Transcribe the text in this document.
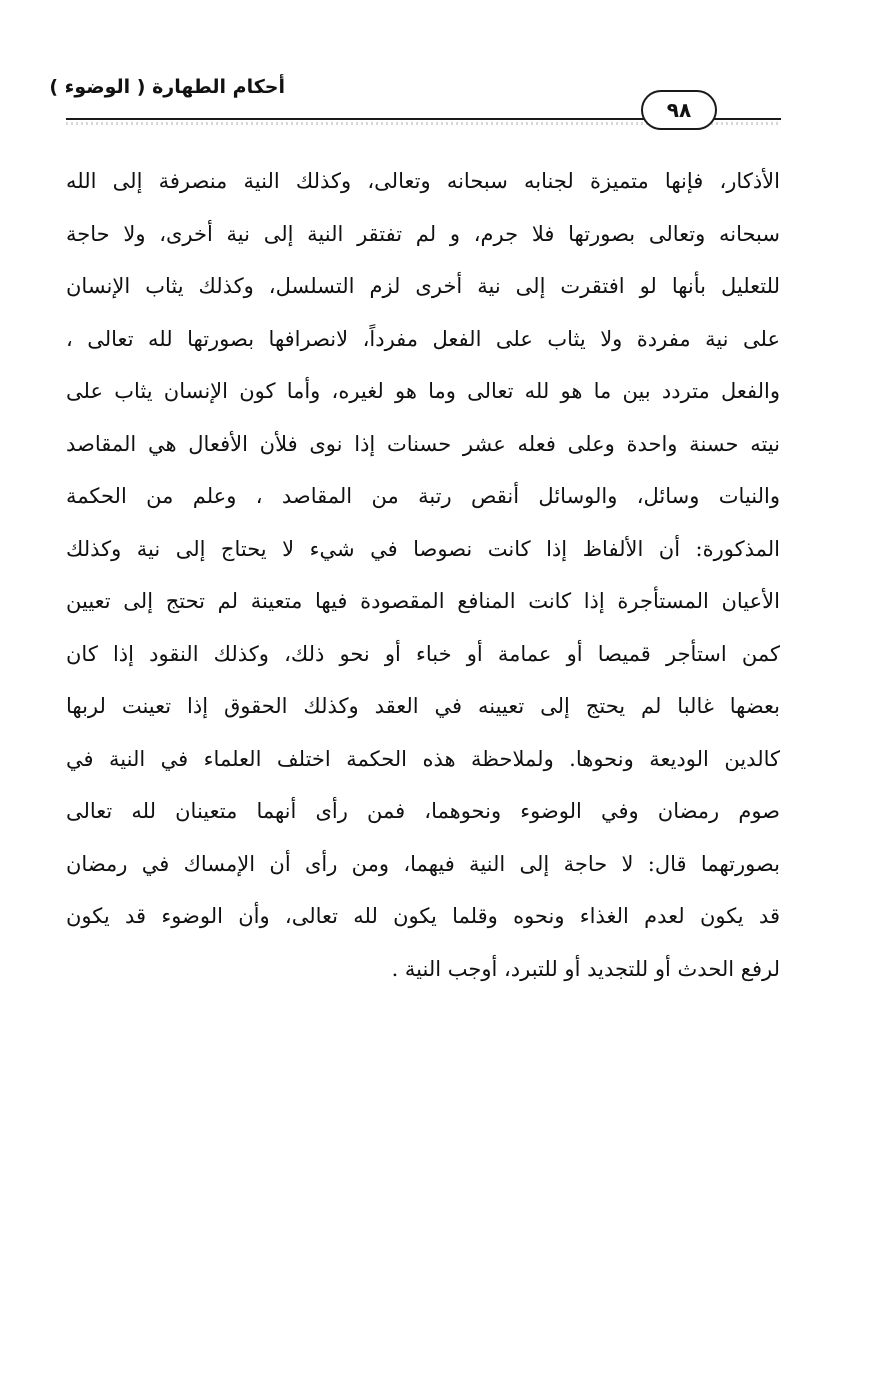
أحكام الطهارة ( الوضوء )
٩٨
الأذكار، فإنها متميزة لجنابه سبحانه وتعالى، وكذلك النية منصرفة إلى الله
سبحانه وتعالى بصورتها فلا جرم، و لم تفتقر النية إلى نية أخرى، ولا حاجة
للتعليل بأنها لو افتقرت إلى نية أخرى لزم التسلسل، وكذلك يثاب الإنسان
على نية مفردة ولا يثاب على الفعل مفرداً، لانصرافها بصورتها لله تعالى ،
والفعل متردد بين ما هو لله تعالى وما هو لغيره، وأما كون الإنسان يثاب على
نيته حسنة واحدة وعلى فعله عشر حسنات إذا نوى فلأن الأفعال هي المقاصد
والنيات وسائل، والوسائل أنقص رتبة من المقاصد ، وعلم من الحكمة
المذكورة: أن الألفاظ إذا كانت نصوصا في شيء لا يحتاج إلى نية وكذلك
الأعيان المستأجرة إذا كانت المنافع المقصودة فيها متعينة لم تحتج إلى تعيين
كمن استأجر قميصا أو عمامة أو خباء أو نحو ذلك، وكذلك النقود إذا كان
بعضها غالبا لم يحتج إلى تعيينه في العقد وكذلك الحقوق إذا تعينت لربها
كالدين الوديعة ونحوها. ولملاحظة هذه الحكمة اختلف العلماء في النية في
صوم رمضان وفي الوضوء ونحوهما، فمن رأى أنهما متعينان لله تعالى
بصورتهما قال: لا حاجة إلى النية فيهما، ومن رأى أن الإمساك في رمضان
قد يكون لعدم الغذاء ونحوه وقلما يكون لله تعالى، وأن الوضوء قد يكون
لرفع الحدث أو للتجديد أو للتبرد، أوجب النية .
